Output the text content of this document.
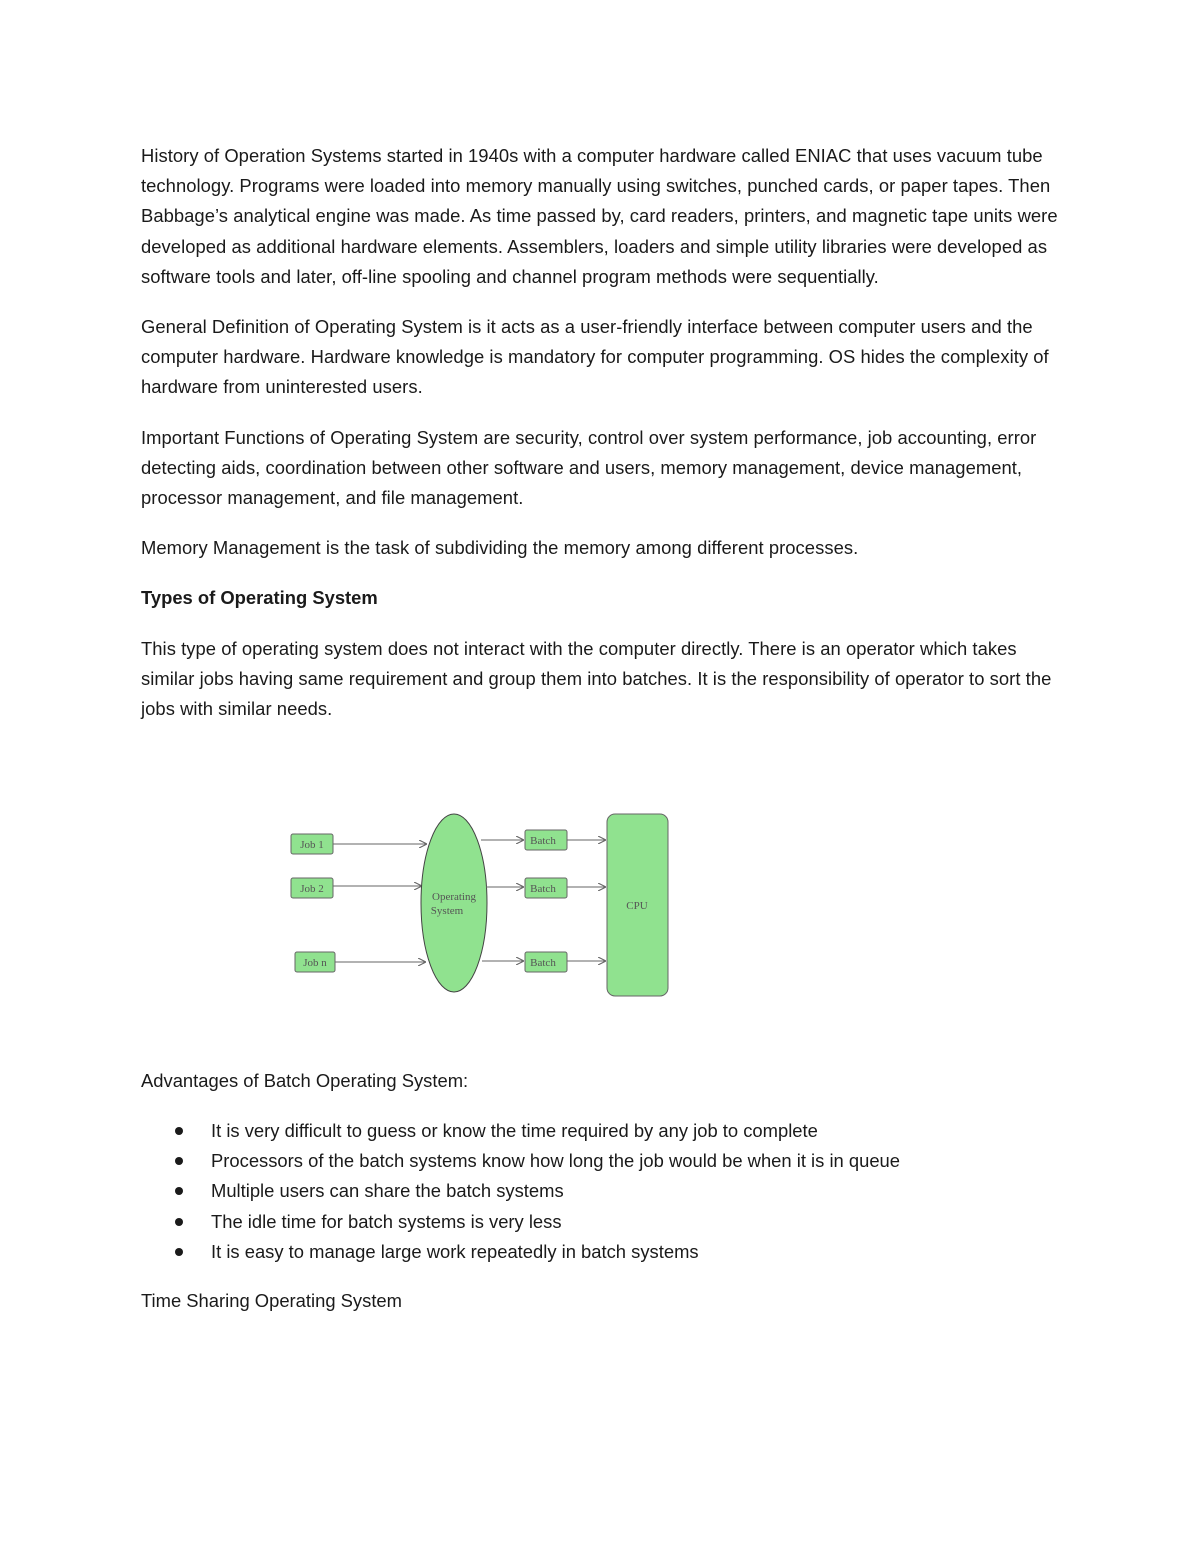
History of Operation Systems started in 1940s with a computer hardware called ENIAC that uses vacuum tube technology. Programs were loaded into memory manually using switches, punched cards, or paper tapes. Then Babbage’s analytical engine was made. As time passed by, card readers, printers, and magnetic tape units were developed as additional hardware elements. Assemblers, loaders and simple utility libraries were developed as software tools and later, off-line spooling and channel program methods were sequentially.

General Definition of Operating System is it acts as a user-friendly interface between computer users and the computer hardware. Hardware knowledge is mandatory for computer programming. OS hides the complexity of hardware from uninterested users.

Important Functions of Operating System are security, control over system performance, job accounting, error detecting aids, coordination between other software and users, memory management, device management, processor management, and file management.

Memory Management is the task of subdividing the memory among different processes.

Types of Operating System

This type of operating system does not interact with the computer directly. There is an operator which takes similar jobs having same requirement and group them into batches. It is the responsibility of operator to sort the jobs with similar needs.

Job 1
Job 2
Job n
Operating
System
Batch
Batch
Batch
CPU
Advantages of Batch Operating System:
It is very difficult to guess or know the time required by any job to complete
Processors of the batch systems know how long the job would be when it is in queue
Multiple users can share the batch systems
The idle time for batch systems is very less
It is easy to manage large work repeatedly in batch systems
Time Sharing Operating System
